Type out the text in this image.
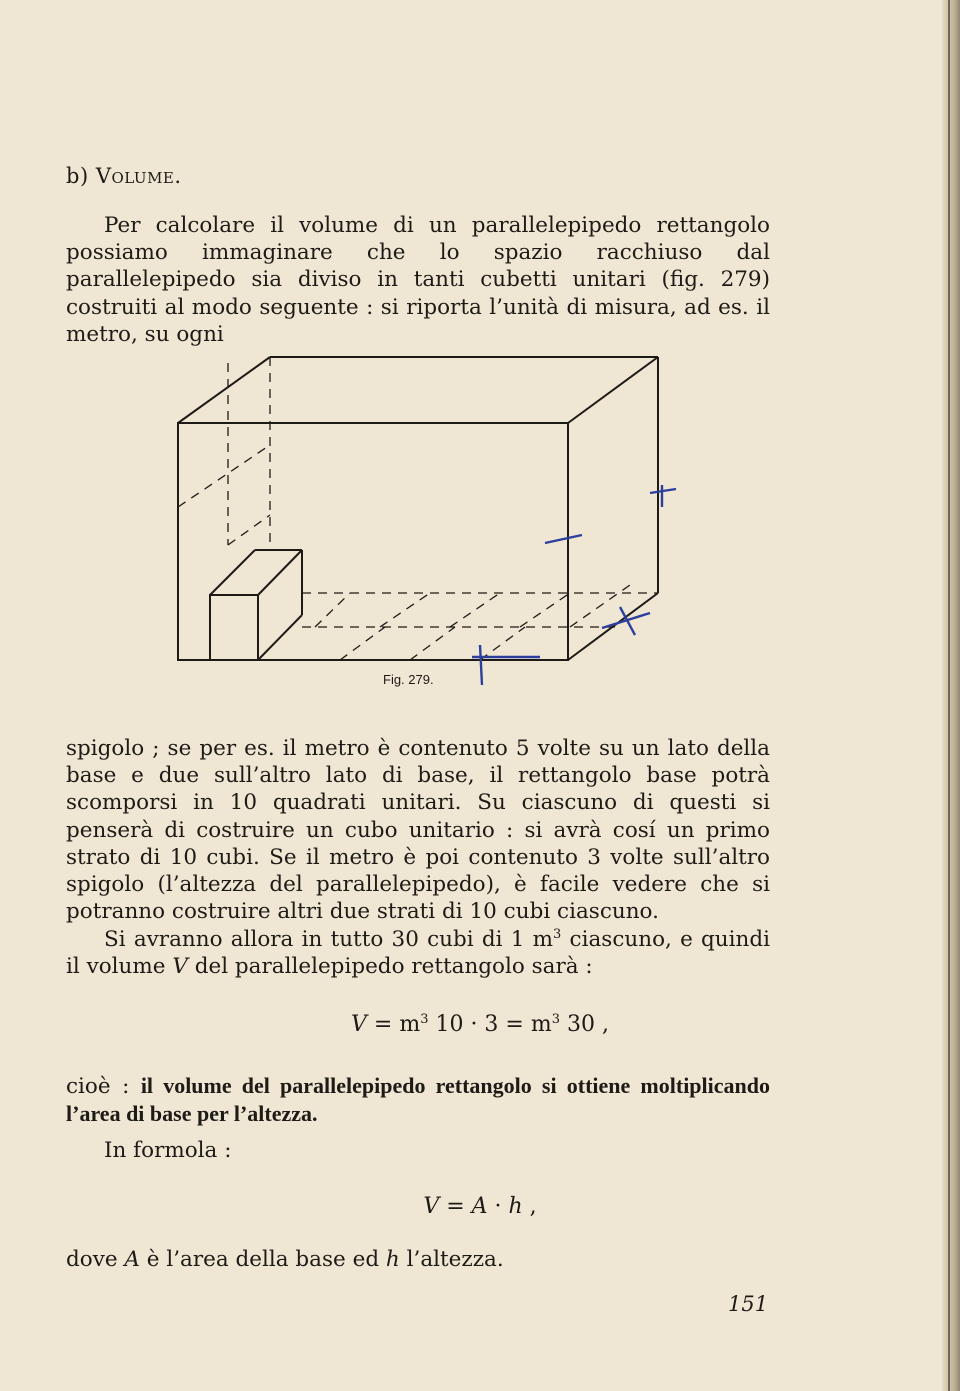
b) Volume.

Per calcolare il volume di un parallelepipedo rettangolo possiamo immaginare che lo spazio racchiuso dal parallelepipedo sia diviso in tanti cubetti unitari (fig. 279) costruiti al modo seguente : si riporta l’unità di misura, ad es. il metro, su ogni

Fig. 279.

spigolo ; se per es. il metro è contenuto 5 volte su un lato della base e due sull’altro lato di base, il rettangolo base potrà scomporsi in 10 quadrati unitari. Su ciascuno di questi si penserà di costruire un cubo unitario : si avrà cosí un primo strato di 10 cubi. Se il metro è poi contenuto 3 volte sull’altro spigolo (l’altezza del parallelepipedo), è facile vedere che si potranno costruire altri due strati di 10 cubi ciascuno.

Si avranno allora in tutto 30 cubi di 1 $m^3$ ciascuno, e quindi il volume V del parallelepipedo rettangolo sarà :

$V = m^3$ $10 \cdot 3 = m^3$ 30 ,

cioè : il volume del parallelepipedo rettangolo si ottiene moltiplicando l’area di base per l’altezza.

In formola :

V = A · h ,

dove A è l’area della base ed h l’altezza.

151
